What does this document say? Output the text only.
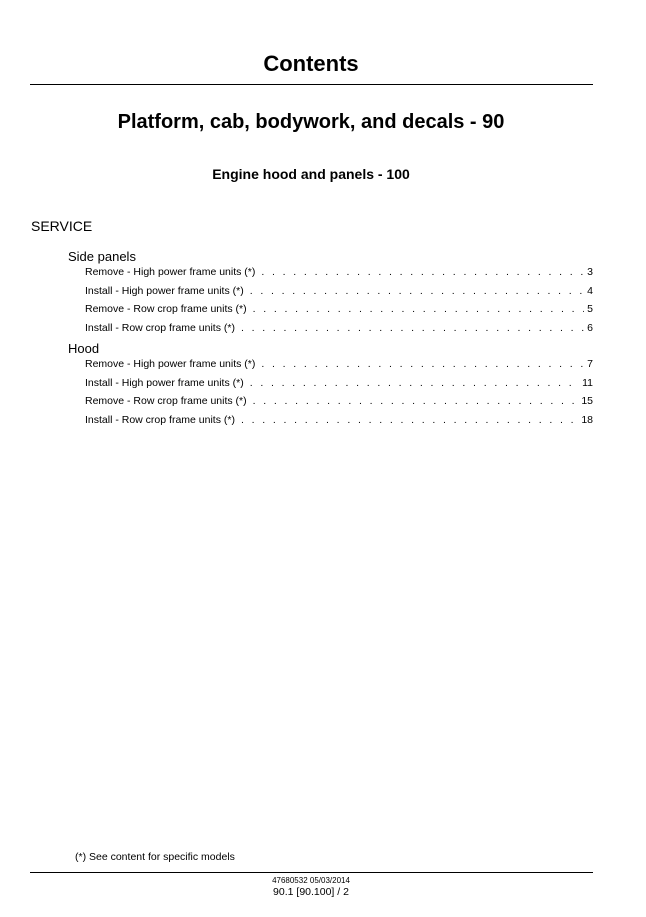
Contents
Platform, cab, bodywork, and decals - 90
Engine hood and panels - 100
SERVICE
Side panels
Remove - High power frame units (*) . . .	3
Install - High power frame units (*) . . .	4
Remove - Row crop frame units (*) . . .	5
Install - Row crop frame units (*) . . .	6
Hood
Remove - High power frame units (*) . . .	7
Install - High power frame units (*) . . .	11
Remove - Row crop frame units (*) . . .	15
Install - Row crop frame units (*) . . .	18
(*) See content for specific models
47680532 05/03/2014
90.1 [90.100] / 2
